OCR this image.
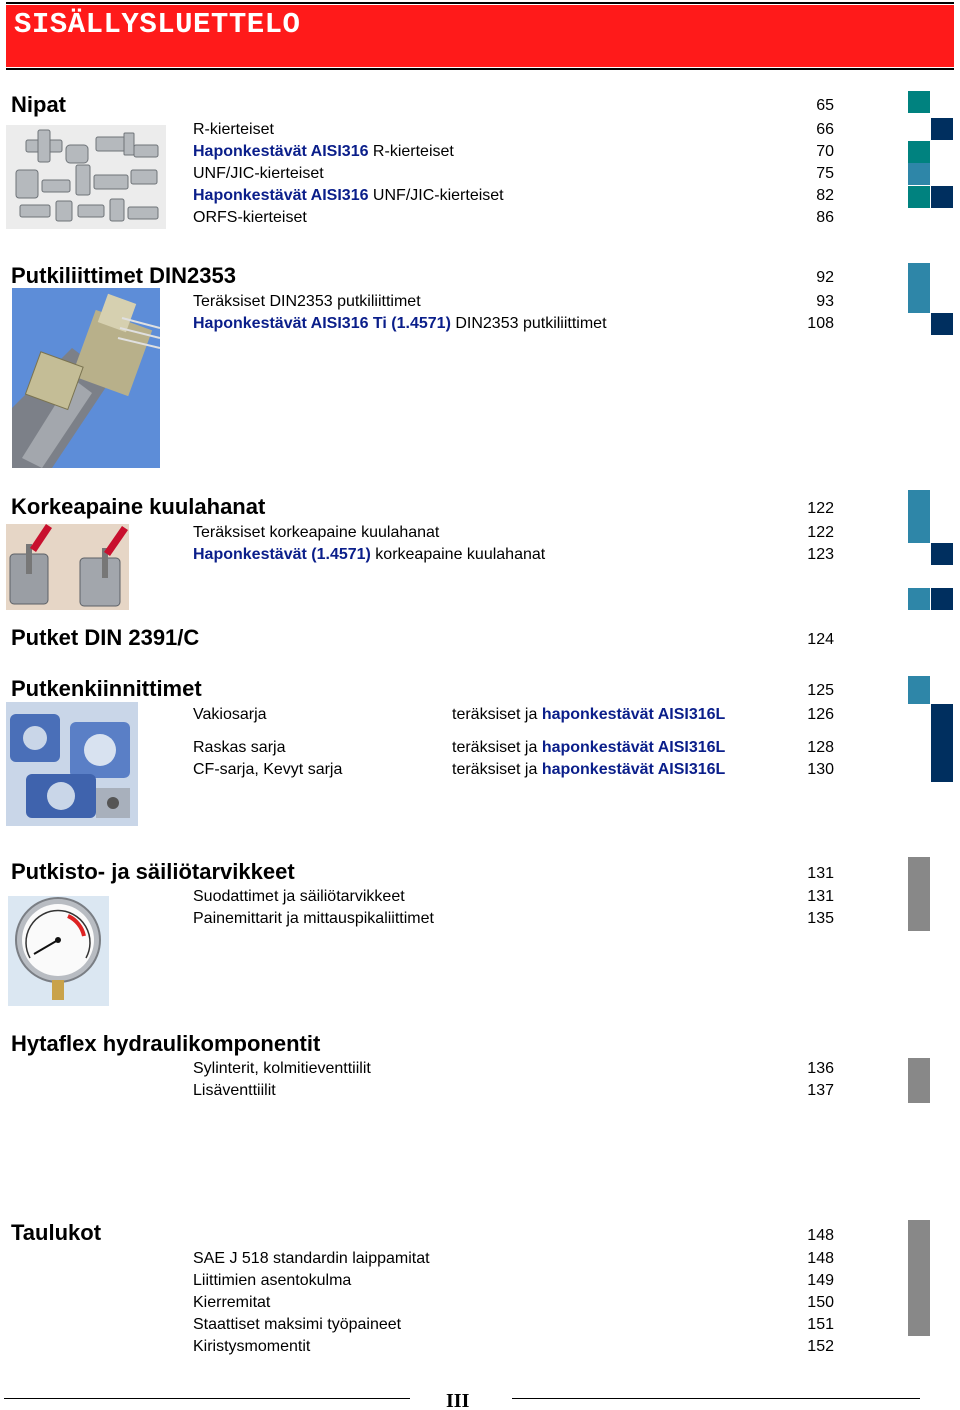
SISÄLLYSLUETTELO
Nipat	65
R-kierteiset	66
Haponkestävät AISI316 R-kierteiset	70
UNF/JIC-kierteiset	75
Haponkestävät AISI316 UNF/JIC-kierteiset	82
ORFS-kierteiset	86
Putkiliittimet DIN2353	92
Teräksiset DIN2353 putkiliittimet	93
Haponkestävät AISI316 Ti (1.4571) DIN2353 putkiliittimet	108
Korkeapaine kuulahanat	122
Teräksiset korkeapaine kuulahanat	122
Haponkestävät (1.4571) korkeapaine kuulahanat	123
Putket DIN 2391/C	124
Putkenkiinnittimet	125
Vakiosarja	teräksiset ja haponkestävät AISI316L	126
Raskas sarja	teräksiset ja haponkestävät AISI316L	128
CF-sarja, Kevyt sarja	teräksiset ja haponkestävät AISI316L	130
Putkisto- ja säiliötarvikkeet	131
Suodattimet ja säiliötarvikkeet	131
Painemittarit ja mittauspikaliittimet	135
Hytaflex hydraulikomponentit
Sylinterit, kolmitieventtiilit	136
Lisäventtiilit	137
Taulukot	148
SAE J 518 standardin laippamitat	148
Liittimien asentokulma	149
Kierremitat	150
Staattiset maksimi työpaineet	151
Kiristysmomentit	152
III
